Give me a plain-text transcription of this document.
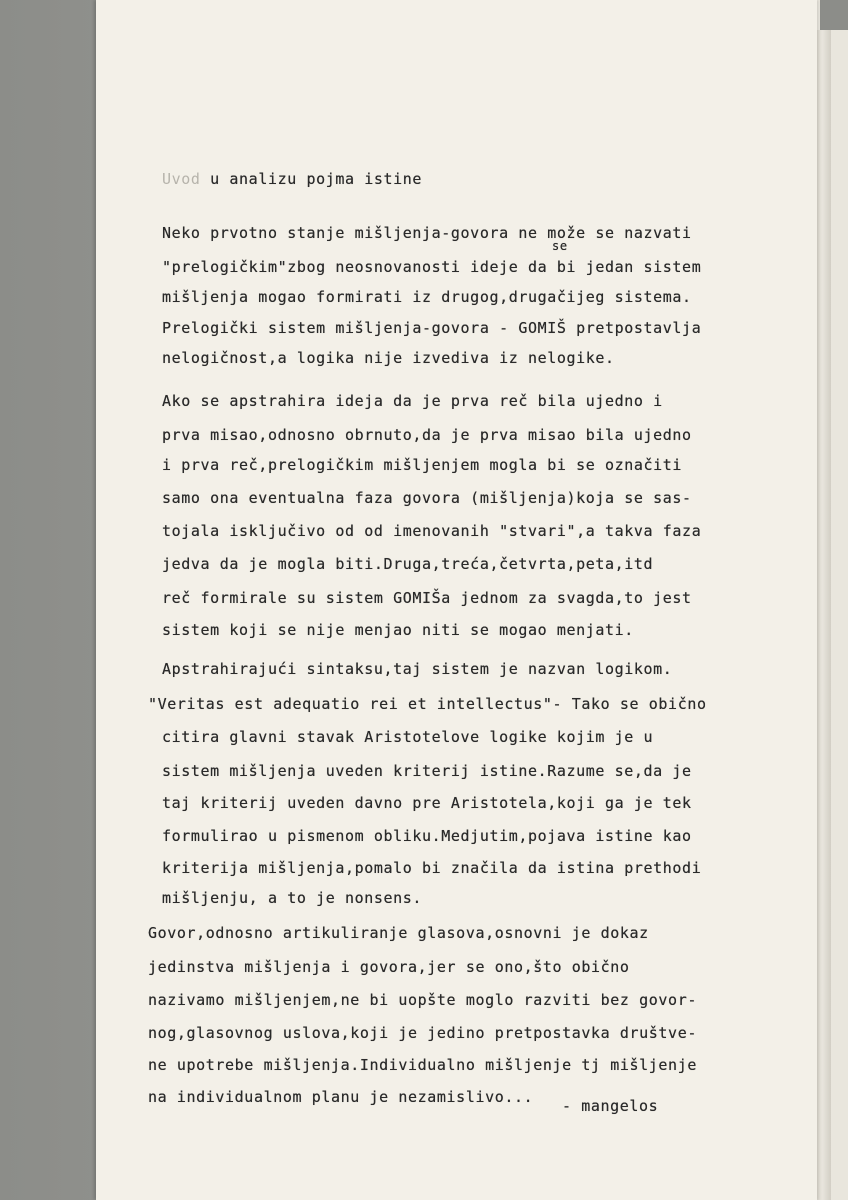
Uvod u analizu pojma istine
se
Neko prvotno stanje mišljenja-govora ne može se nazvati
"prelogičkim"zbog neosnovanosti ideje da bi jedan sistem
mišljenja mogao formirati iz drugog,drugačijeg sistema.
Prelogički sistem mišljenja-govora - GOMIŠ pretpostavlja
nelogičnost,a logika nije izvediva iz nelogike.
Ako se apstrahira ideja da je prva reč bila ujedno i
prva misao,odnosno obrnuto,da je prva misao bila ujedno
i prva reč,prelogičkim mišljenjem mogla bi se označiti
samo ona eventualna faza govora (mišljenja)koja se sas-
tojala isključivo od od imenovanih "stvari",a takva faza
jedva da je mogla biti.Druga,treća,četvrta,peta,itd
reč formirale su sistem GOMIŠa jednom za svagda,to jest
sistem koji se nije menjao niti se mogao menjati.
Apstrahirajući sintaksu,taj sistem je nazvan logikom.
"Veritas est adequatio rei et intellectus"- Tako se obično
citira glavni stavak Aristotelove logike kojim je u
sistem mišljenja uveden kriterij istine.Razume se,da je
taj kriterij uveden davno pre Aristotela,koji ga je tek
formulirao u pismenom obliku.Medjutim,pojava istine kao
kriterija mišljenja,pomalo bi značila da istina prethodi
mišljenju, a to je nonsens.
Govor,odnosno artikuliranje glasova,osnovni je dokaz
jedinstva mišljenja i govora,jer se ono,što obično
nazivamo mišljenjem,ne bi uopšte moglo razviti bez govor-
nog,glasovnog uslova,koji je jedino pretpostavka društve-
ne upotrebe mišljenja.Individualno mišljenje tj mišljenje
na individualnom planu je nezamislivo... - mangelos
